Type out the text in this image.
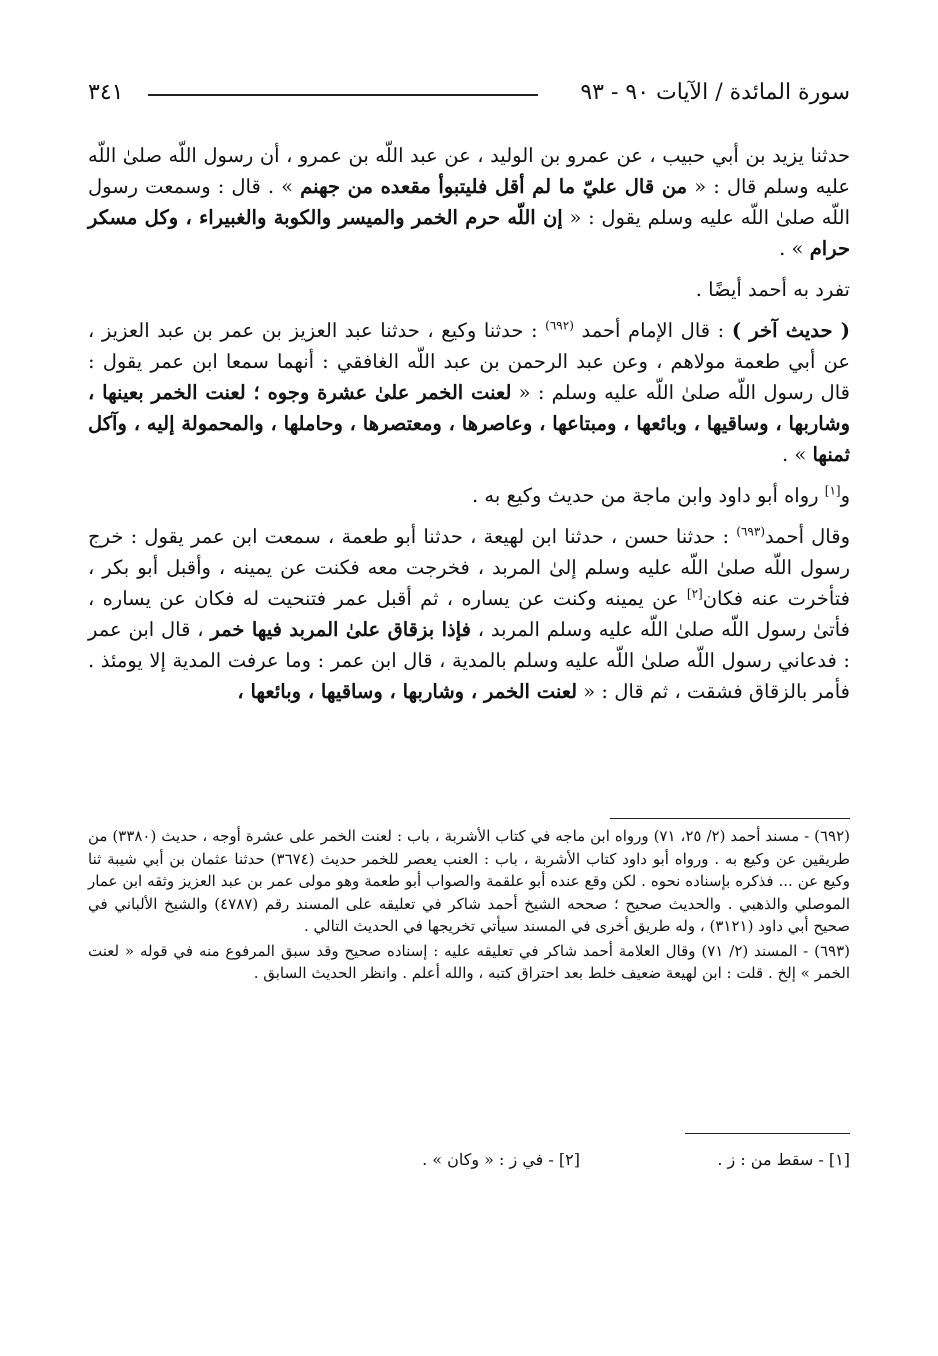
سورة المائدة / الآيات ٩٠ - ٩٣
٣٤١

حدثنا يزيد بن أبي حبيب ، عن عمرو بن الوليد ، عن عبد اللّه بن عمرو ، أن رسول اللّه صلىٰ اللّه عليه وسلم قال : « من قال عليّ ما لم أقل فليتبوأ مقعده من جهنم » . قال : وسمعت رسول اللّه صلىٰ اللّه عليه وسلم يقول : « إن اللّه حرم الخمر والميسر والكوبة والغبيراء ، وكل مسكر حرام » .

تفرد به أحمد أيضًا .

( حديث آخر ) : قال الإمام أحمد $^{(٦٩٢)}$ : حدثنا وكيع ، حدثنا عبد العزيز بن عمر بن عبد العزيز ، عن أبي طعمة مولاهم ، وعن عبد الرحمن بن عبد اللّه الغافقي : أنهما سمعا ابن عمر يقول : قال رسول اللّه صلىٰ اللّه عليه وسلم : « لعنت الخمر علىٰ عشرة وجوه ؛ لعنت الخمر بعينها ، وشاربها ، وساقيها ، وبائعها ، ومبتاعها ، وعاصرها ، ومعتصرها ، وحاملها ، والمحمولة إليه ، وآكل ثمنها » .

و[١] رواه أبو داود وابن ماجة من حديث وكيع به .

وقال أحمد$^{(٦٩٣)}$ : حدثنا حسن ، حدثنا ابن لهيعة ، حدثنا أبو طعمة ، سمعت ابن عمر يقول : خرج رسول اللّه صلىٰ اللّه عليه وسلم إلىٰ المربد ، فخرجت معه فكنت عن يمينه ، وأقبل أبو بكر ، فتأخرت عنه فكان[٢] عن يمينه وكنت عن يساره ، ثم أقبل عمر فتنحيت له فكان عن يساره ، فأتىٰ رسول اللّه صلىٰ اللّه عليه وسلم المربد ، فإذا بزقاق علىٰ المربد فيها خمر ، قال ابن عمر : فدعاني رسول اللّه صلىٰ اللّه عليه وسلم بالمدية ، قال ابن عمر : وما عرفت المدية إلا يومئذ . فأمر بالزقاق فشقت ، ثم قال : « لعنت الخمر ، وشاربها ، وساقيها ، وبائعها ،

(٦٩٢) - مسند أحمد (٢/ ٢٥، ٧١) ورواه ابن ماجه في كتاب الأشربة ، باب : لعنت الخمر على عشرة أوجه ، حديث (٣٣٨٠) من طريقين عن وكيع به . ورواه أبو داود كتاب الأشربة ، باب : العنب يعصر للخمر حديث (٣٦٧٤) حدثنا عثمان بن أبي شيبة ثنا وكيع عن ... فذكره بإسناده نحوه . لكن وقع عنده أبو علقمة والصواب أبو طعمة وهو مولى عمر بن عبد العزيز وثقه ابن عمار الموصلي والذهبي . والحديث صحيح ؛ صححه الشيخ أحمد شاكر في تعليقه على المسند رقم (٤٧٨٧) والشيخ الألباني في صحيح أبي داود (٣١٢١) ، وله طريق أخرى في المسند سيأتي تخريجها في الحديث التالي .

(٦٩٣) - المسند (٢/ ٧١) وقال العلامة أحمد شاكر في تعليقه عليه : إسناده صحيح وقد سبق المرفوع منه في قوله « لعنت الخمر » إلخ . قلت : ابن لهيعة ضعيف خلط بعد احتراق كتبه ، والله أعلم . وانظر الحديث السابق .

[١] - سقط من : ز .
[٢] - في ز : « وكان » .
